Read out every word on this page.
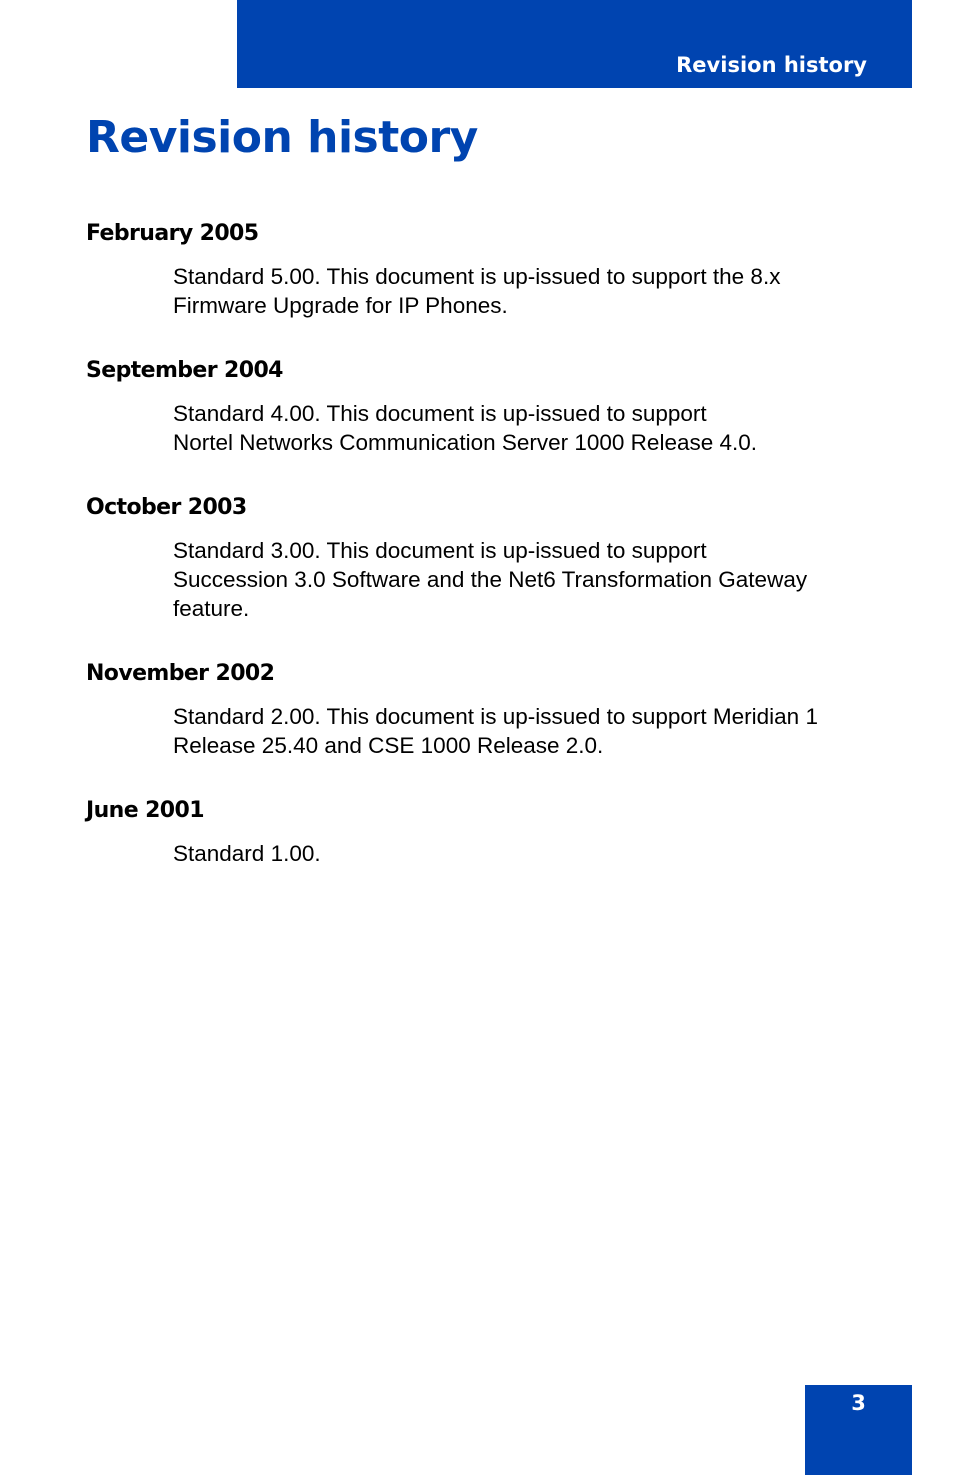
Revision history
Revision history
February 2005
Standard 5.00. This document is up-issued to support the 8.x
Firmware Upgrade for IP Phones.
September 2004
Standard 4.00. This document is up-issued to support
Nortel Networks Communication Server 1000 Release 4.0.
October 2003
Standard 3.00. This document is up-issued to support
Succession 3.0 Software and the Net6 Transformation Gateway
feature.
November 2002
Standard 2.00. This document is up-issued to support Meridian 1
Release 25.40 and CSE 1000 Release 2.0.
June 2001
Standard 1.00.
3
